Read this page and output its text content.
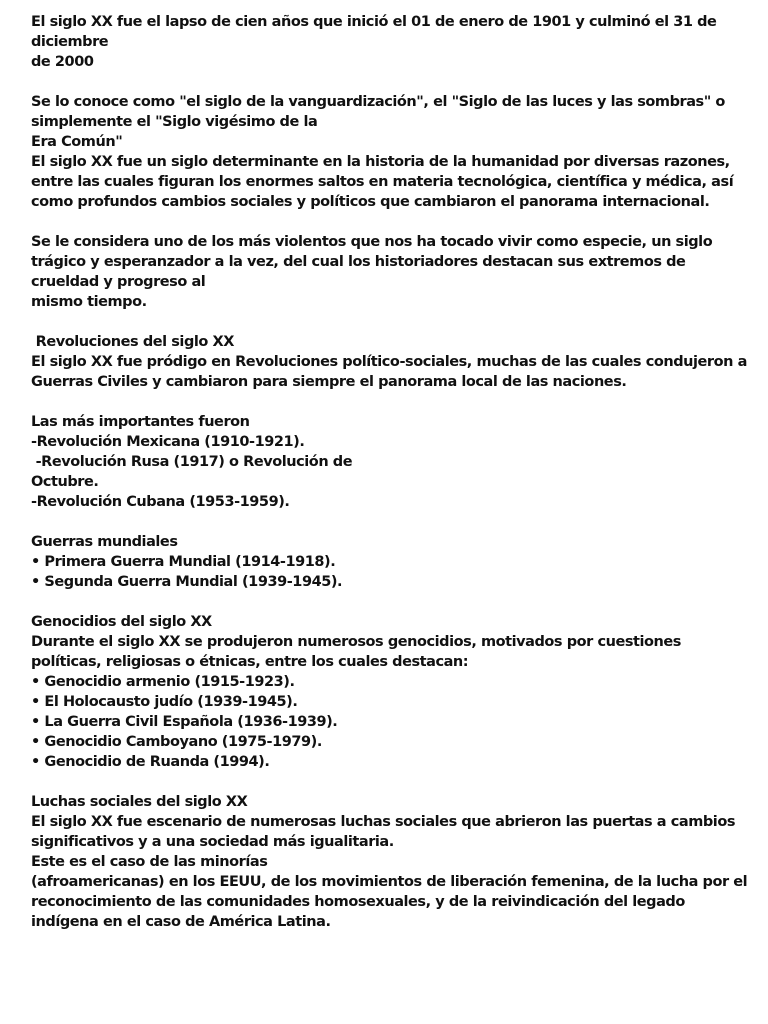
El siglo XX fue el lapso de cien años que inició el 01 de enero de 1901 y culminó el 31 de
diciembre
de 2000
Se lo conoce como "el siglo de la vanguardización", el "Siglo de las luces y las sombras" o
simplemente el "Siglo vigésimo de la
Era Común"
El siglo XX fue un siglo determinante en la historia de la humanidad por diversas razones,
entre las cuales figuran los enormes saltos en materia tecnológica, científica y médica, así
como profundos cambios sociales y políticos que cambiaron el panorama internacional.
Se le considera uno de los más violentos que nos ha tocado vivir como especie, un siglo
trágico y esperanzador a la vez, del cual los historiadores destacan sus extremos de
crueldad y progreso al
mismo tiempo.
Revoluciones del siglo XX
El siglo XX fue pródigo en Revoluciones político-sociales, muchas de las cuales condujeron a
Guerras Civiles y cambiaron para siempre el panorama local de las naciones.
Las más importantes fueron
-Revolución Mexicana (1910-1921).
-Revolución Rusa (1917) o Revolución de
Octubre.
-Revolución Cubana (1953-1959).
Guerras mundiales
• Primera Guerra Mundial (1914-1918).
• Segunda Guerra Mundial (1939-1945).
Genocidios del siglo XX
Durante el siglo XX se produjeron numerosos genocidios, motivados por cuestiones
políticas, religiosas o étnicas, entre los cuales destacan:
• Genocidio armenio (1915-1923).
• El Holocausto judío (1939-1945).
• La Guerra Civil Española (1936-1939).
• Genocidio Camboyano (1975-1979).
• Genocidio de Ruanda (1994).
Luchas sociales del siglo XX
El siglo XX fue escenario de numerosas luchas sociales que abrieron las puertas a cambios
significativos y a una sociedad más igualitaria.
Este es el caso de las minorías
(afroamericanas) en los EEUU, de los movimientos de liberación femenina, de la lucha por el
reconocimiento de las comunidades homosexuales, y de la reivindicación del legado
indígena en el caso de América Latina.
